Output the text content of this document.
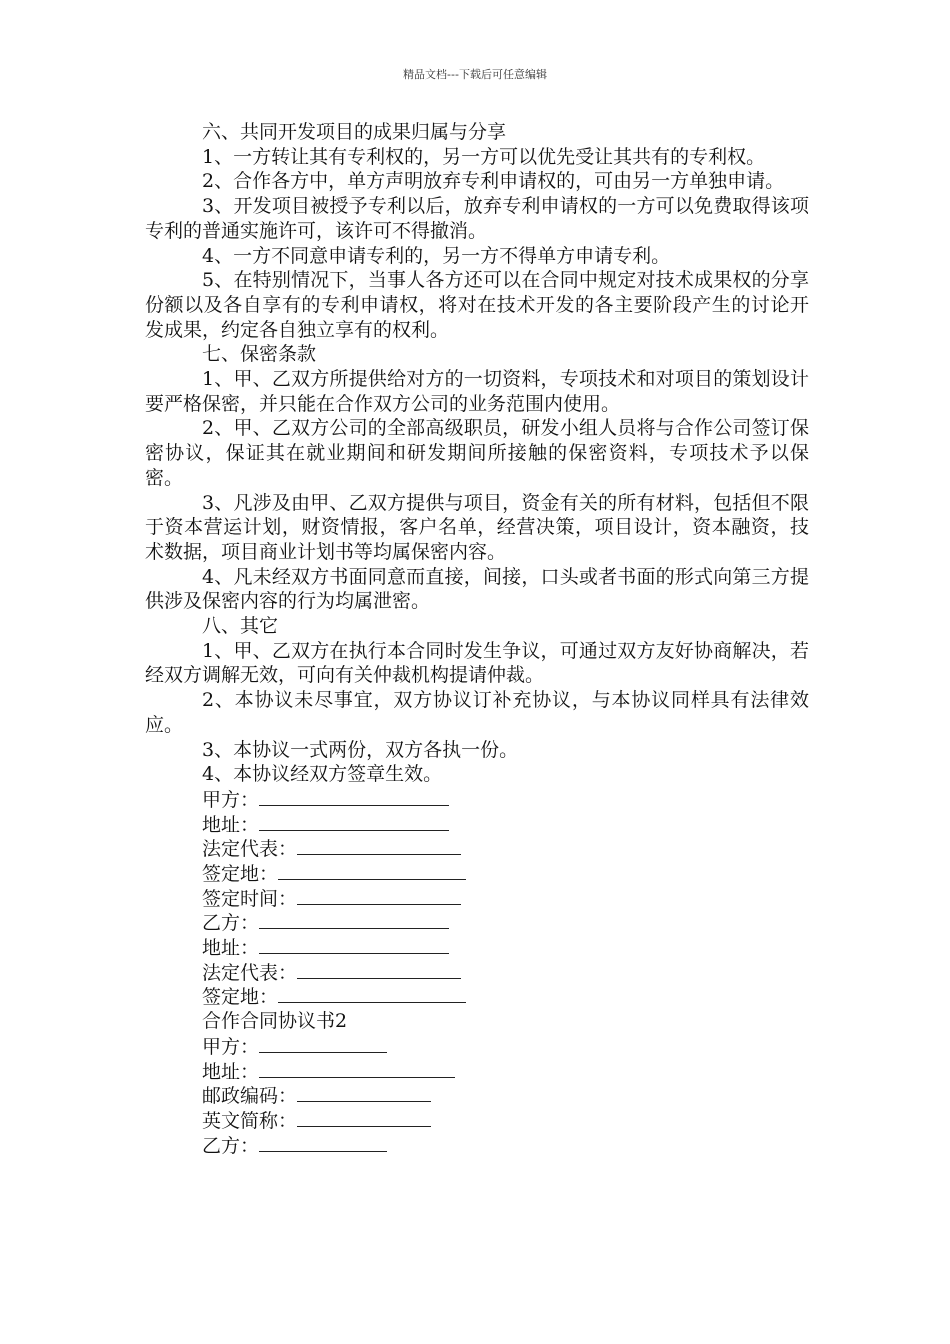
精品文档---下载后可任意编辑

六、共同开发项目的成果归属与分享

1、一方转让其有专利权的，另一方可以优先受让其共有的专利权。

2、合作各方中，单方声明放弃专利申请权的，可由另一方单独申请。

3、开发项目被授予专利以后，放弃专利申请权的一方可以免费取得该项专利的普通实施许可，该许可不得撤消。

4、一方不同意申请专利的，另一方不得单方申请专利。

5、在特别情况下，当事人各方还可以在合同中规定对技术成果权的分享份额以及各自享有的专利申请权，将对在技术开发的各主要阶段产生的讨论开发成果，约定各自独立享有的权利。

七、保密条款

1、甲、乙双方所提供给对方的一切资料，专项技术和对项目的策划设计要严格保密，并只能在合作双方公司的业务范围内使用。

2、甲、乙双方公司的全部高级职员，研发小组人员将与合作公司签订保密协议，保证其在就业期间和研发期间所接触的保密资料，专项技术予以保密。

3、凡涉及由甲、乙双方提供与项目，资金有关的所有材料，包括但不限于资本营运计划，财资情报，客户名单，经营决策，项目设计，资本融资，技术数据，项目商业计划书等均属保密内容。

4、凡未经双方书面同意而直接，间接，口头或者书面的形式向第三方提供涉及保密内容的行为均属泄密。

八、其它

1、甲、乙双方在执行本合同时发生争议，可通过双方友好协商解决，若经双方调解无效，可向有关仲裁机构提请仲裁。

2、本协议未尽事宜，双方协议订补充协议，与本协议同样具有法律效应。

3、本协议一式两份，双方各执一份。

4、本协议经双方签章生效。

甲方：
地址：
法定代表：
签定地：
签定时间：
乙方：
地址：
法定代表：
签定地：

合作合同协议书2

甲方：
地址：
邮政编码：
英文简称：
乙方：
